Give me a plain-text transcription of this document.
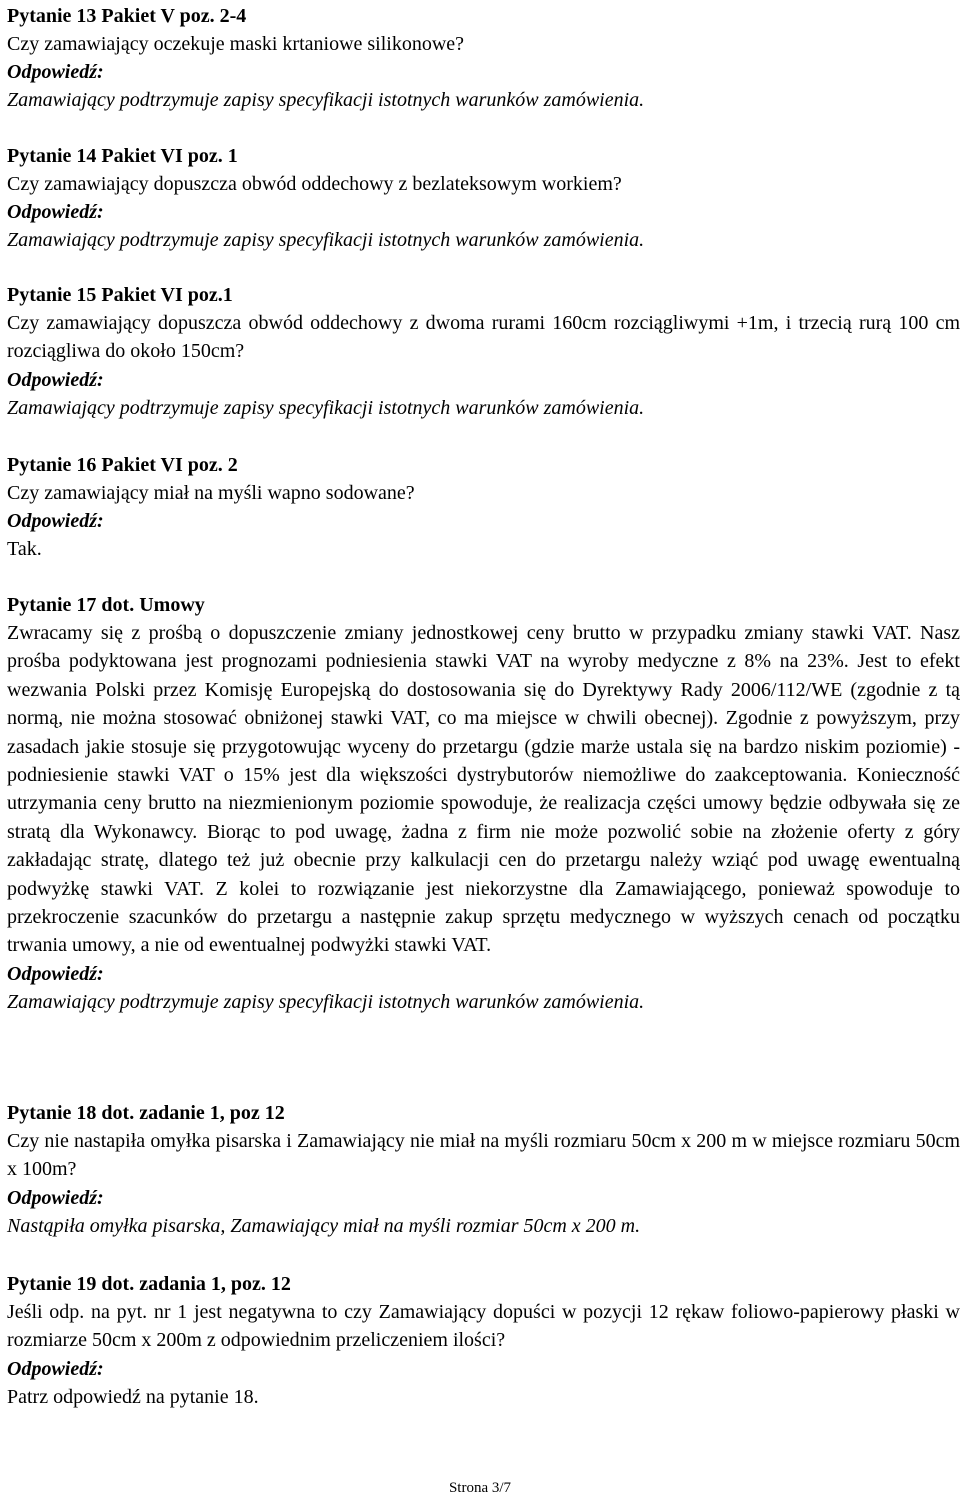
Pytanie 13 Pakiet V poz. 2-4

Czy zamawiający oczekuje maski krtaniowe silikonowe?

Odpowiedź:

Zamawiający podtrzymuje zapisy specyfikacji istotnych warunków zamówienia.

Pytanie 14 Pakiet VI poz. 1

Czy zamawiający dopuszcza obwód oddechowy z bezlateksowym workiem?

Odpowiedź:

Zamawiający podtrzymuje zapisy specyfikacji istotnych warunków zamówienia.

Pytanie 15 Pakiet VI poz.1

Czy zamawiający dopuszcza obwód oddechowy z dwoma rurami 160cm rozciągliwymi +1m, i trzecią rurą 100 cm rozciągliwa do około 150cm?

Odpowiedź:

Zamawiający podtrzymuje zapisy specyfikacji istotnych warunków zamówienia.

Pytanie 16 Pakiet VI poz. 2

Czy zamawiający miał na myśli wapno sodowane?

Odpowiedź:

Tak.

Pytanie 17 dot. Umowy

Zwracamy się z prośbą o dopuszczenie zmiany jednostkowej ceny brutto w przypadku zmiany stawki VAT. Nasz prośba podyktowana jest prognozami podniesienia stawki VAT na wyroby medyczne z 8% na 23%. Jest to efekt wezwania Polski przez Komisję Europejską do dostosowania się do Dyrektywy Rady 2006/112/WE (zgodnie z tą normą, nie można stosować obniżonej stawki VAT, co ma miejsce w chwili obecnej). Zgodnie z powyższym, przy zasadach jakie stosuje się przygotowując wyceny do przetargu (gdzie marże ustala się na bardzo niskim poziomie) - podniesienie stawki VAT o 15% jest dla większości dystrybutorów niemożliwe do zaakceptowania. Konieczność utrzymania ceny brutto na niezmienionym poziomie spowoduje, że realizacja części umowy będzie odbywała się ze stratą dla Wykonawcy. Biorąc to pod uwagę, żadna z firm nie może pozwolić sobie na złożenie oferty z góry zakładając stratę, dlatego też już obecnie przy kalkulacji cen do przetargu należy wziąć pod uwagę ewentualną podwyżkę stawki VAT. Z kolei to rozwiązanie jest niekorzystne dla Zamawiającego, ponieważ spowoduje to przekroczenie szacunków do przetargu a następnie zakup sprzętu medycznego w wyższych cenach od początku trwania umowy, a nie od ewentualnej podwyżki stawki VAT.

Odpowiedź:

Zamawiający podtrzymuje zapisy specyfikacji istotnych warunków zamówienia.

Pytanie 18 dot. zadanie 1, poz 12

Czy nie nastapiła omyłka pisarska i Zamawiający nie miał na myśli rozmiaru 50cm x 200 m w miejsce rozmiaru 50cm x 100m?

Odpowiedź:

Nastąpiła omyłka pisarska, Zamawiający miał na myśli rozmiar 50cm x 200 m.

Pytanie 19 dot. zadania 1, poz. 12

Jeśli odp. na pyt. nr 1 jest negatywna to czy Zamawiający dopuści w pozycji 12 rękaw foliowo-papierowy płaski w rozmiarze 50cm x 200m z odpowiednim przeliczeniem ilości?

Odpowiedź:

Patrz odpowiedź na pytanie 18.

Strona 3/7
